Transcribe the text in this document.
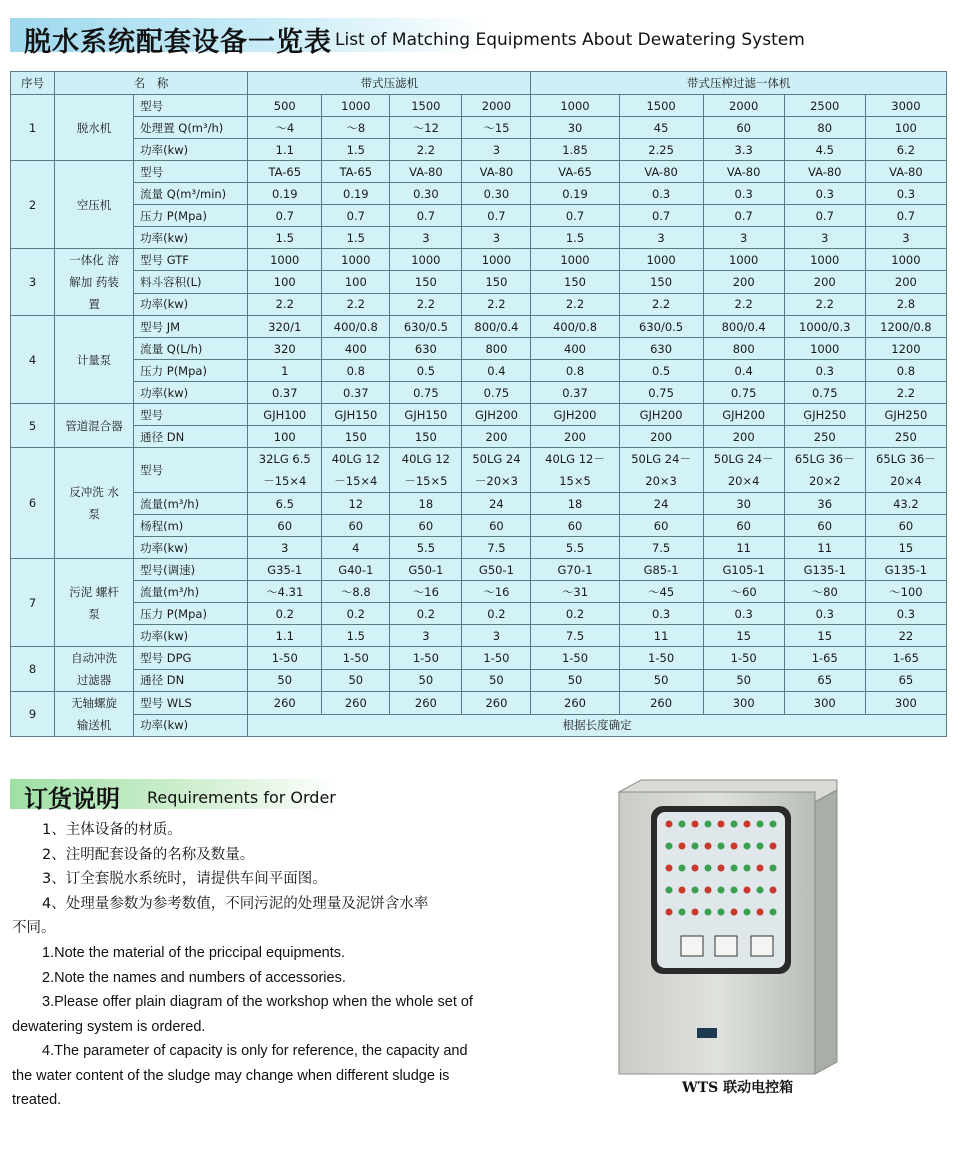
脱水系统配套设备一览表 List of Matching Equipments About Dewatering System
序号	名　称		带式压滤机				带式压榨过滤一体机				
1	脱水机	型号	500	1000	1500	2000	1000	1500	2000	2500	3000
		处理置 Q(m³/h)	～4	～8	～12	～15	30	45	60	80	100
		功率(kw)	1.1	1.5	2.2	3	1.85	2.25	3.3	4.5	6.2
2	空压机	型号	TA-65	TA-65	VA-80	VA-80	VA-65	VA-80	VA-80	VA-80	VA-80
		流量 Q(m³/min)	0.19	0.19	0.30	0.30	0.19	0.3	0.3	0.3	0.3
		压力 P(Mpa)	0.7	0.7	0.7	0.7	0.7	0.7	0.7	0.7	0.7
		功率(kw)	1.5	1.5	3	3	1.5	3	3	3	3
3	一体化 溶解加 药装置	型号 GTF	1000	1000	1000	1000	1000	1000	1000	1000	1000
		料斗容积(L)	100	100	150	150	150	150	200	200	200
		功率(kw)	2.2	2.2	2.2	2.2	2.2	2.2	2.2	2.2	2.8
4	计量泵	型号 JM	320/1	400/0.8	630/0.5	800/0.4	400/0.8	630/0.5	800/0.4	1000/0.3	1200/0.8
		流量 Q(L/h)	320	400	630	800	400	630	800	1000	1200
		压力 P(Mpa)	1	0.8	0.5	0.4	0.8	0.5	0.4	0.3	0.8
		功率(kw)	0.37	0.37	0.75	0.75	0.37	0.75	0.75	0.75	2.2
5	管道混合器	型号	GJH100	GJH150	GJH150	GJH200	GJH200	GJH200	GJH200	GJH250	GJH250
		通径 DN	100	150	150	200	200	200	200	250	250
6	反冲洗 水泵	型号	32LG 6.5－15×4	40LG 12－15×4	40LG 12－15×5	50LG 24－20×3	40LG 12－15×5	50LG 24－20×3	50LG 24－20×4	65LG 36－20×2	65LG 36－20×4
		流量(m³/h)	6.5	12	18	24	18	24	30	36	43.2
		杨程(m)	60	60	60	60	60	60	60	60	60
		功率(kw)	3	4	5.5	7.5	5.5	7.5	11	11	15
7	污泥 螺杆泵	型号(调速)	G35-1	G40-1	G50-1	G50-1	G70-1	G85-1	G105-1	G135-1	G135-1
		流量(m³/h)	～4.31	～8.8	～16	～16	～31	～45	～60	～80	～100
		压力 P(Mpa)	0.2	0.2	0.2	0.2	0.2	0.3	0.3	0.3	0.3
		功率(kw)	1.1	1.5	3	3	7.5	11	15	15	22
8	自动冲洗 过滤器	型号 DPG	1-50	1-50	1-50	1-50	1-50	1-50	1-50	1-65	1-65
		通径 DN	50	50	50	50	50	50	50	65	65
9	无轴螺旋 输送机	型号 WLS	260	260	260	260	260	260	300	300	300
		功率(kw)	根据长度确定								
订货说明 Requirements for Order

1、主体设备的材质。

2、注明配套设备的名称及数量。

3、订全套脱水系统时，请提供车间平面图。

4、处理量参数为参考数值，不同污泥的处理量及泥饼含水率

不同。

1.Note the material of the priccipal equipments.

2.Note the names and numbers of accessories.

3.Please offer plain diagram of the workshop when the whole set of

dewatering system is ordered.

4.The parameter of capacity is only for reference, the capacity and

the water content of the sludge may change when different sludge is

treated.

WTS 联动电控箱
